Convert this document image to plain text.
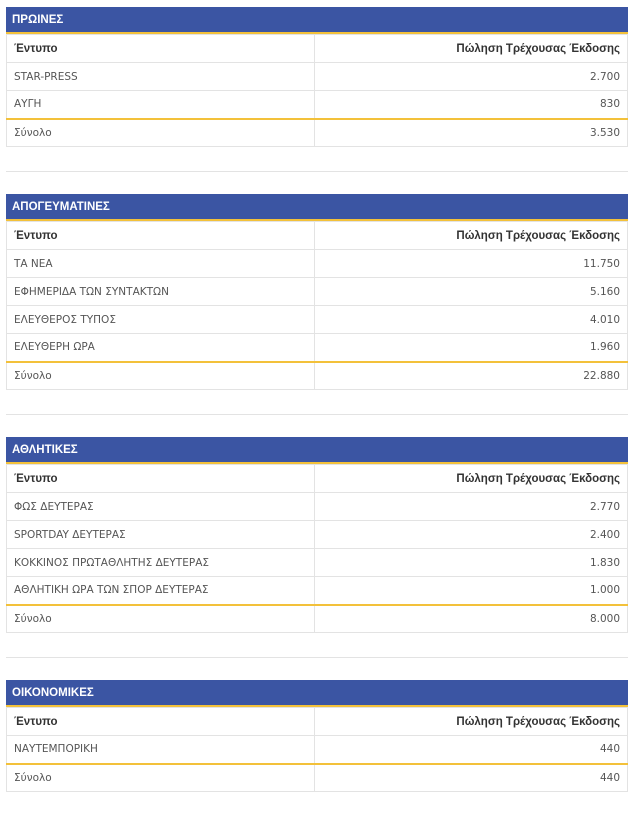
ΠΡΩΙΝΕΣ
Έντυπο	Πώληση Τρέχουσας Έκδοσης
STAR-PRESS	2.700
ΑΥΓΗ	830
Σύνολο	3.530
ΑΠΟΓΕΥΜΑΤΙΝΕΣ
Έντυπο	Πώληση Τρέχουσας Έκδοσης
ΤΑ ΝΕΑ	11.750
ΕΦΗΜΕΡΙΔΑ ΤΩΝ ΣΥΝΤΑΚΤΩΝ	5.160
ΕΛΕΥΘΕΡΟΣ ΤΥΠΟΣ	4.010
ΕΛΕΥΘΕΡΗ ΩΡΑ	1.960
Σύνολο	22.880
ΑΘΛΗΤΙΚΕΣ
Έντυπο	Πώληση Τρέχουσας Έκδοσης
ΦΩΣ ΔΕΥΤΕΡΑΣ	2.770
SPORTDAY ΔΕΥΤΕΡΑΣ	2.400
ΚΟΚΚΙΝΟΣ ΠΡΩΤΑΘΛΗΤΗΣ ΔΕΥΤΕΡΑΣ	1.830
ΑΘΛΗΤΙΚΗ ΩΡΑ ΤΩΝ ΣΠΟΡ ΔΕΥΤΕΡΑΣ	1.000
Σύνολο	8.000
ΟΙΚΟΝΟΜΙΚΕΣ
Έντυπο	Πώληση Τρέχουσας Έκδοσης
ΝΑΥΤΕΜΠΟΡΙΚΗ	440
Σύνολο	440
